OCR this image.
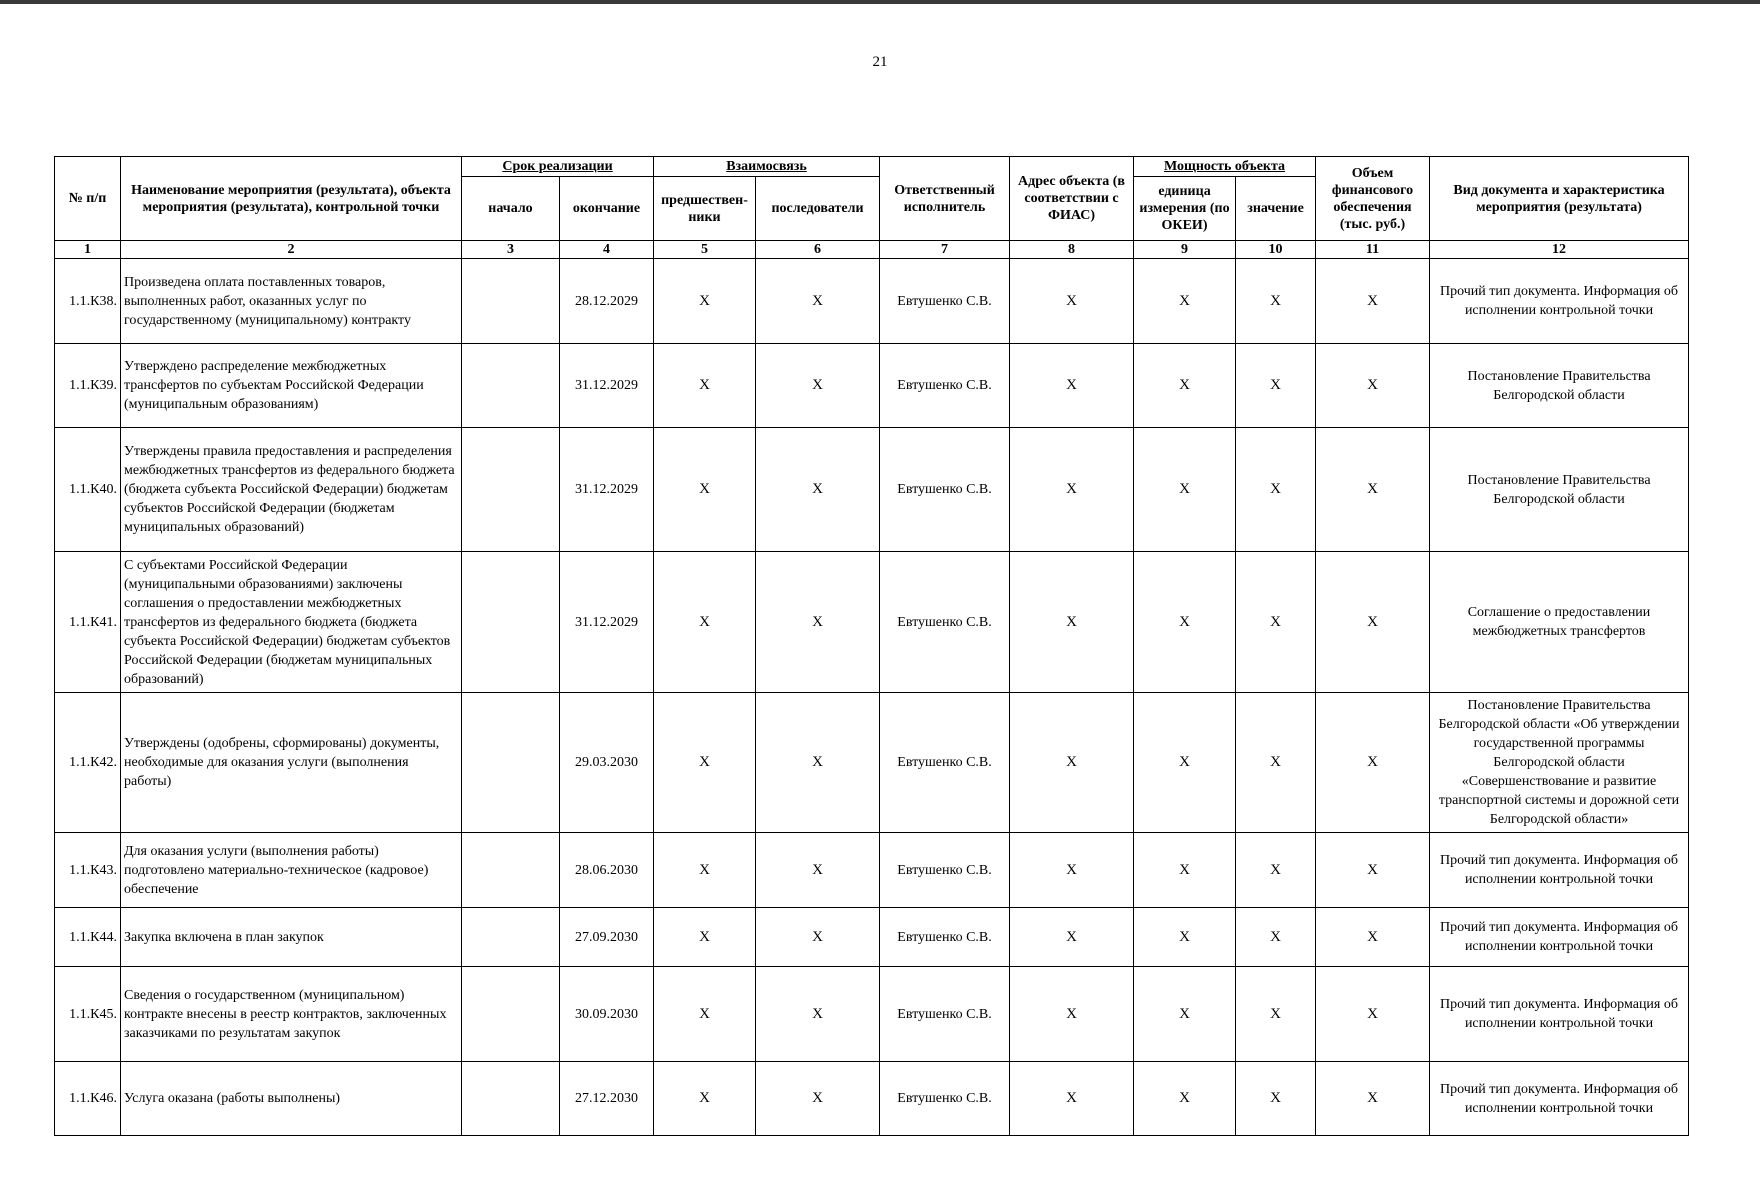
21
№ п/п	Наименование мероприятия (результата), объекта мероприятия (результата), контрольной точки	Срок реализации		Взаимосвязь		Ответственный исполнитель	Адрес объекта (в соответствии с ФИАС)	Мощность объекта		Объем финансового обеспечения (тыс. руб.)	Вид документа и характеристика мероприятия (результата)
		начало	окончание	предшествен- ники	последователи			единица измерения (по ОКЕИ)	значение		
1	2	3	4	5	6	7	8	9	10	11	12
1.1.К38.	Произведена оплата поставленных товаров, выполненных работ, оказанных услуг по государственному (муниципальному) контракту		28.12.2029	X	X	Евтушенко С.В.	X	X	X	X	Прочий тип документа. Информация об исполнении контрольной точки
1.1.К39.	Утверждено распределение межбюджетных трансфертов по субъектам Российской Федерации (муниципальным образованиям)		31.12.2029	X	X	Евтушенко С.В.	X	X	X	X	Постановление Правительства Белгородской области
1.1.К40.	Утверждены правила предоставления и распределения межбюджетных трансфертов из федерального бюджета (бюджета субъекта Российской Федерации) бюджетам субъектов Российской Федерации (бюджетам муниципальных образований)		31.12.2029	X	X	Евтушенко С.В.	X	X	X	X	Постановление Правительства Белгородской области
1.1.К41.	С субъектами Российской Федерации (муниципальными образованиями) заключены соглашения о предоставлении межбюджетных трансфертов из федерального бюджета (бюджета субъекта Российской Федерации) бюджетам субъектов Российской Федерации (бюджетам муниципальных образований)		31.12.2029	X	X	Евтушенко С.В.	X	X	X	X	Соглашение о предоставлении межбюджетных трансфертов
1.1.К42.	Утверждены (одобрены, сформированы) документы, необходимые для оказания услуги (выполнения работы)		29.03.2030	X	X	Евтушенко С.В.	X	X	X	X	Постановление Правительства Белгородской области «Об утверждении государственной программы Белгородской области «Совершенствование и развитие транспортной системы и дорожной сети Белгородской области»
1.1.К43.	Для оказания услуги (выполнения работы) подготовлено материально-техническое (кадровое) обеспечение		28.06.2030	X	X	Евтушенко С.В.	X	X	X	X	Прочий тип документа. Информация об исполнении контрольной точки
1.1.К44.	Закупка включена в план закупок		27.09.2030	X	X	Евтушенко С.В.	X	X	X	X	Прочий тип документа. Информация об исполнении контрольной точки
1.1.К45.	Сведения о государственном (муниципальном) контракте внесены в реестр контрактов, заключенных заказчиками по результатам закупок		30.09.2030	X	X	Евтушенко С.В.	X	X	X	X	Прочий тип документа. Информация об исполнении контрольной точки
1.1.К46.	Услуга оказана (работы выполнены)		27.12.2030	X	X	Евтушенко С.В.	X	X	X	X	Прочий тип документа. Информация об исполнении контрольной точки
